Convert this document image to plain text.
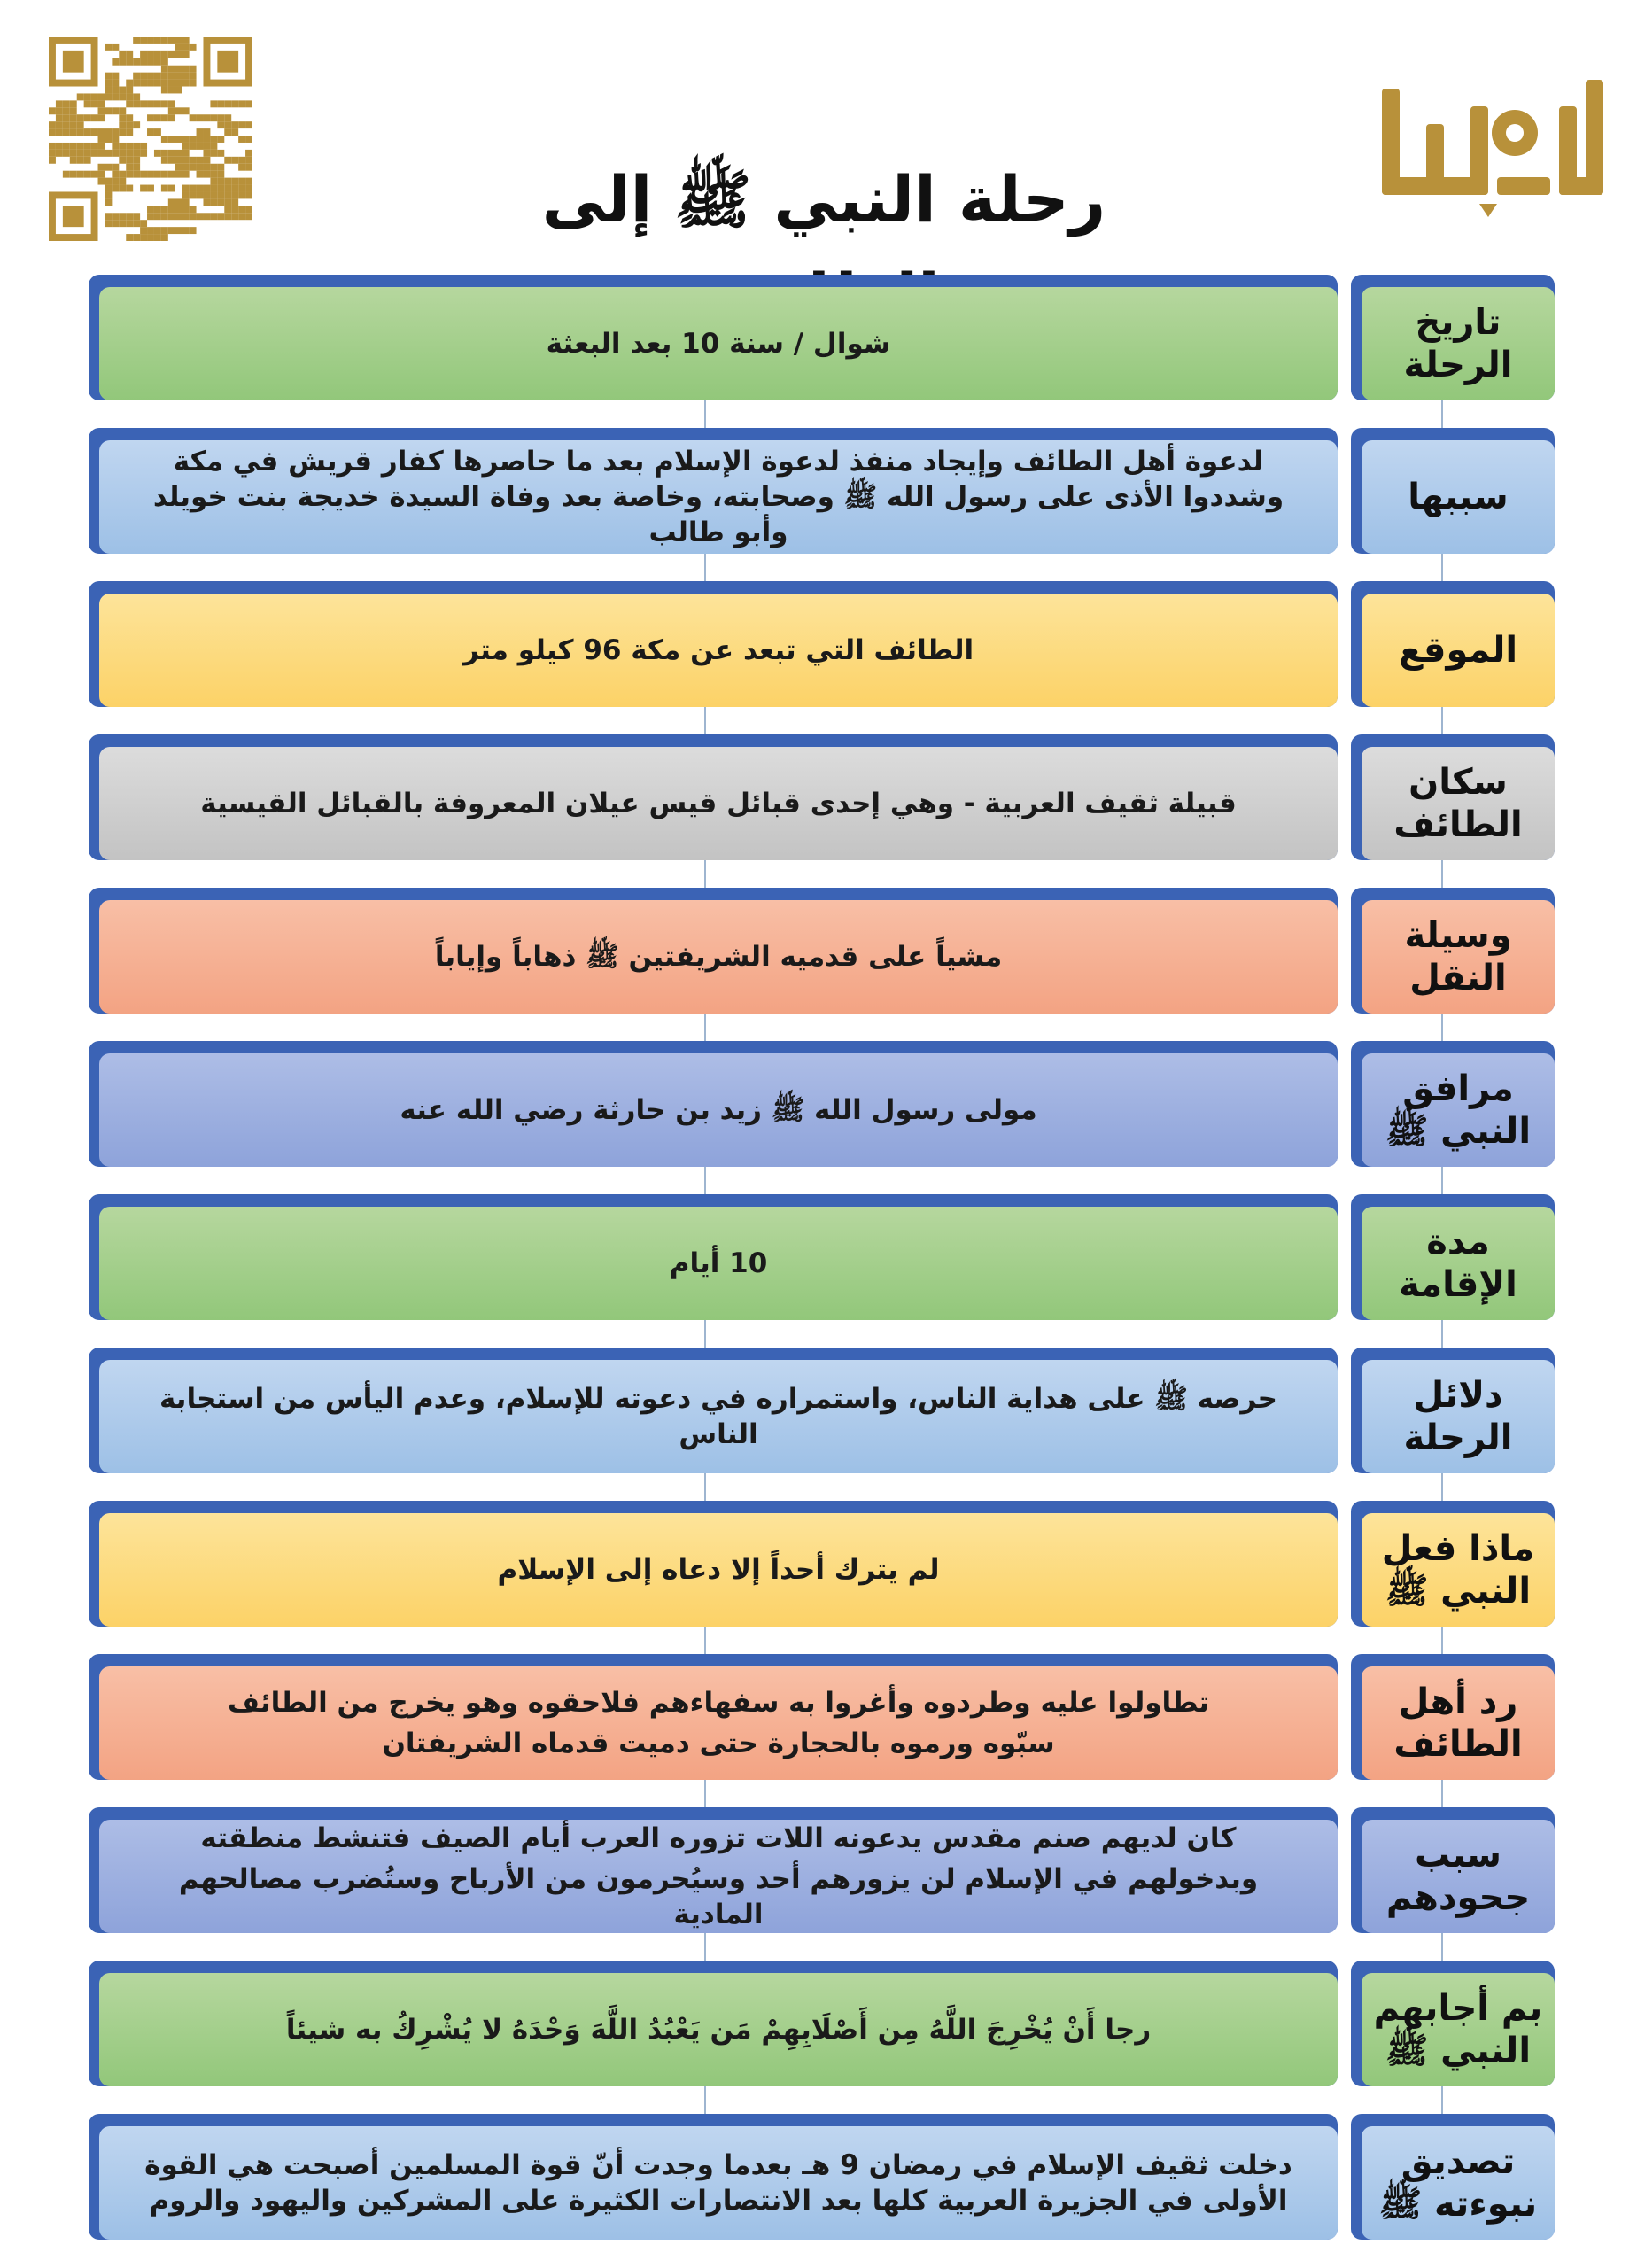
رحلة النبي ﷺ إلى
شوال / سنة 10 بعد البعثة
تاريخ الرحلة
لدعوة أهل الطائف وإيجاد منفذ لدعوة الإسلام بعد ما حاصرها كفار قريش في مكة وشددوا الأذى على رسول الله ﷺ وصحابته، وخاصة بعد وفاة السيدة خديجة بنت خويلد وأبو طالب
سببها
الطائف التي تبعد عن مكة 96 كيلو متر	الموقع
قبيلة ثقيف العربية - وهي إحدى قبائل قيس عيلان المعروفة بالقبائل القيسية
سكان الطائف
مشياً على قدميه الشريفتين ﷺ ذهاباً وإياباً
وسيلة النقل
مولى رسول الله ﷺ زيد بن حارثة رضي الله عنه
مرافق النبي ﷺ
10 أيام
مدة الإقامة
حرصه ﷺ على هداية الناس، واستمراره في دعوته للإسلام، وعدم اليأس من استجابة الناس
دلائل الرحلة
لم يترك أحداً إلا دعاه إلى الإسلام
ماذا فعل النبي ﷺ
تطاولوا عليه وطردوه وأغروا به سفهاءهم فلاحقوه وهو يخرج من الطائف
سبّوه ورموه بالحجارة حتى دميت قدماه الشريفتان
رد أهل الطائف
كان لديهم صنم مقدس يدعونه اللات تزوره العرب أيام الصيف فتنشط منطقته
وبدخولهم في الإسلام لن يزورهم أحد وسيُحرمون من الأرباح وستُضرب مصالحهم المادية
سبب جحودهم
رجا أَنْ يُخْرِجَ اللَّهُ مِن أَصْلَابِهِمْ مَن يَعْبُدُ اللَّهَ وَحْدَهُ لا يُشْرِكُ به شيئاً
بم أجابهم النبي ﷺ
دخلت ثقيف الإسلام في رمضان 9 هـ بعدما وجدت أنّ قوة المسلمين أصبحت هي القوة الأولى في الجزيرة العربية كلها بعد الانتصارات الكثيرة على المشركين واليهود والروم
تصديق نبوءته ﷺ
